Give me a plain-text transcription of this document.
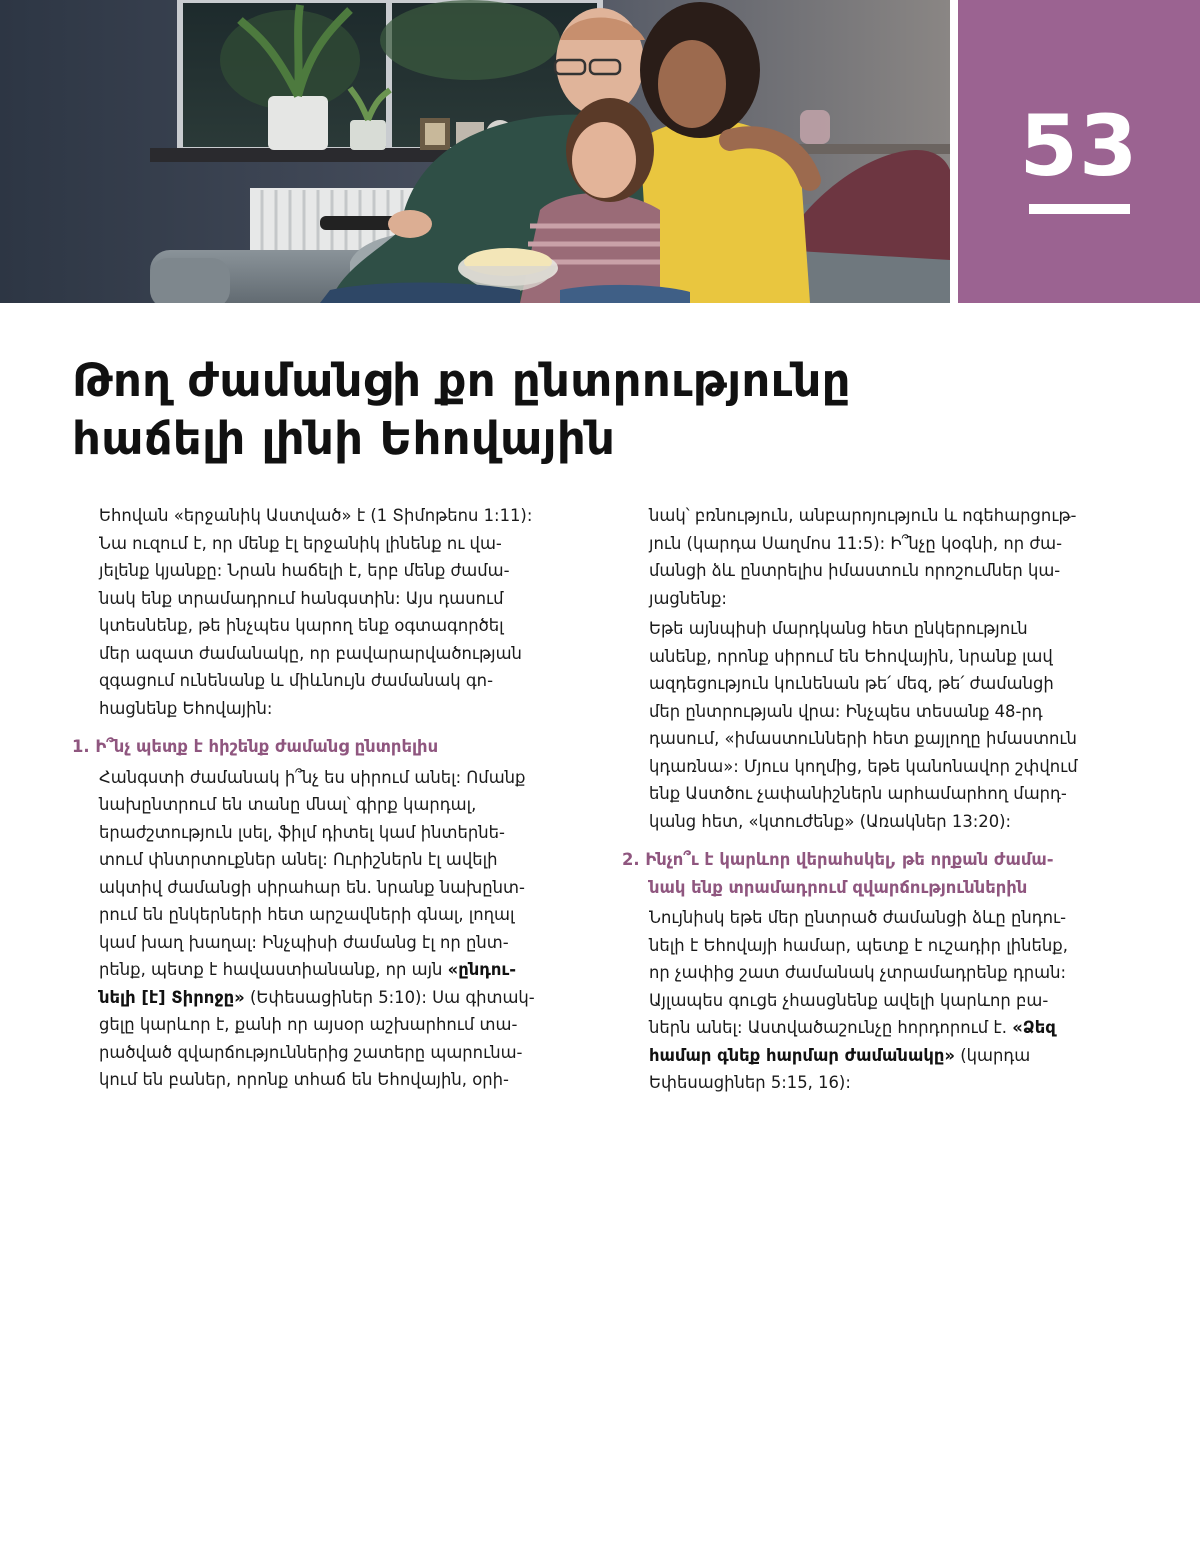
53
Թող ժամանցի քո ընտրությունը
հաճելի լինի Եհովային
Եհովան «երջանիկ Աստված» է (1 Տիմոթեոս 1:11):
Նա ուզում է, որ մենք էլ երջանիկ լինենք ու վա-
յելենք կյանքը: Նրան հաճելի է, երբ մենք ժամա-
նակ ենք տրամադրում հանգստին: Այս դասում
կտեսնենք, թե ինչպես կարող ենք օգտագործել
մեր ազատ ժամանակը, որ բավարարվածության
զգացում ունենանք և միևնույն ժամանակ գո-
հացնենք Եհովային:
1. Ի՞նչ պետք է հիշենք ժամանց ընտրելիս
Հանգստի ժամանակ ի՞նչ ես սիրում անել: Ոմանք
նախընտրում են տանը մնալ՝ գիրք կարդալ,
երաժշտություն լսել, ֆիլմ դիտել կամ ինտերնե-
տում փնտրտուքներ անել: Ուրիշներն էլ ավելի
ակտիվ ժամանցի սիրահար են. նրանք նախընտ-
րում են ընկերների հետ արշավների գնալ, լողալ
կամ խաղ խաղալ: Ինչպիսի ժամանց էլ որ ընտ-
րենք, պետք է հավաստիանանք, որ այն «ընդու-
նելի [է] Տիրոջը» (Եփեսացիներ 5:10): Սա գիտակ-
ցելը կարևոր է, քանի որ այսօր աշխարհում տա-
րածված զվարճություններից շատերը պարունա-
կում են բաներ, որոնք տհաճ են Եհովային, օրի-
նակ՝ բռնություն, անբարոյություն և ոգեհարցութ-
յուն (կարդա Սաղմոս 11:5): Ի՞նչը կօգնի, որ ժա-
մանցի ձև ընտրելիս իմաստուն որոշումներ կա-
յացնենք:
Եթե այնպիսի մարդկանց հետ ընկերություն
անենք, որոնք սիրում են Եհովային, նրանք լավ
ազդեցություն կունենան թե՛ մեզ, թե՛ ժամանցի
մեր ընտրության վրա: Ինչպես տեսանք 48-րդ
դասում, «իմաստունների հետ քայլողը իմաստուն
կդառնա»: Մյուս կողմից, եթե կանոնավոր շփվում
ենք Աստծու չափանիշներն արհամարհող մարդ-
կանց հետ, «կտուժենք» (Առակներ 13:20):
2. Ինչո՞ւ է կարևոր վերահսկել, թե որքան ժամա-
նակ ենք տրամադրում զվարճություններին
Նույնիսկ եթե մեր ընտրած ժամանցի ձևը ընդու-
նելի է Եհովայի համար, պետք է ուշադիր լինենք,
որ չափից շատ ժամանակ չտրամադրենք դրան:
Այլապես գուցե չհասցնենք ավելի կարևոր բա-
ներն անել: Աստվածաշունչը հորդորում է. «Ձեզ
համար գնեք հարմար ժամանակը» (կարդա
Եփեսացիներ 5:15, 16):
